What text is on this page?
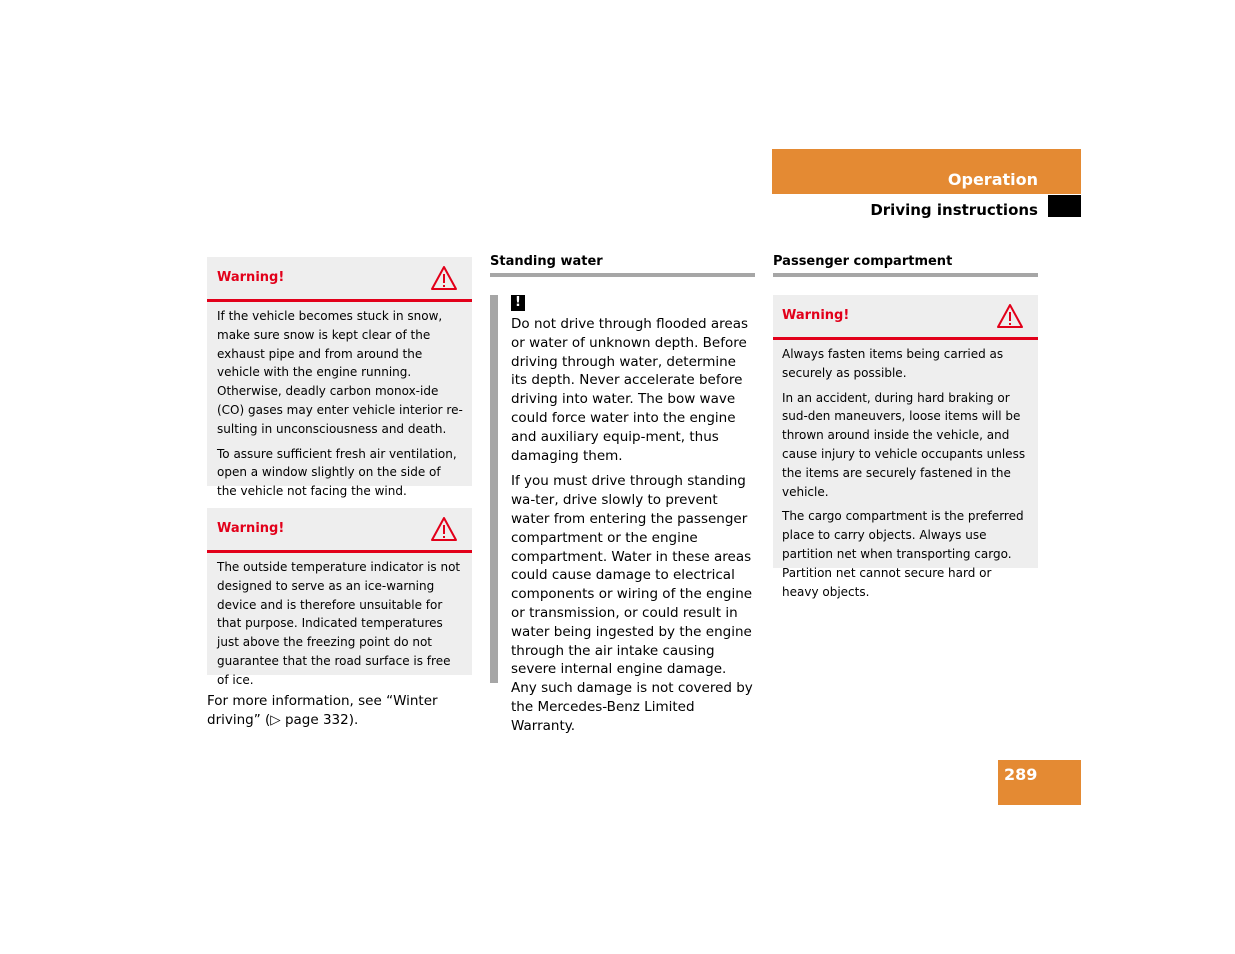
Operation
Driving instructions
Warning!

If the vehicle becomes stuck in snow, make sure snow is kept clear of the exhaust pipe and from around the vehicle with the engine running. Otherwise, deadly carbon monox-ide (CO) gases may enter vehicle interior re-sulting in unconsciousness and death.

To assure sufficient fresh air ventilation, open a window slightly on the side of the vehicle not facing the wind.

Warning!

The outside temperature indicator is not designed to serve as an ice-warning device and is therefore unsuitable for that purpose. Indicated temperatures just above the freezing point do not guarantee that the road surface is free of ice.

For more information, see “Winter driving” (▷ page 332).

Standing water
!

Do not drive through flooded areas or water of unknown depth. Before driving through water, determine its depth. Never accelerate before driving into water. The bow wave could force water into the engine and auxiliary equip-ment, thus damaging them.

If you must drive through standing wa-ter, drive slowly to prevent water from entering the passenger compartment or the engine compartment. Water in these areas could cause damage to electrical components or wiring of the engine or transmission, or could result in water being ingested by the engine through the air intake causing severe internal engine damage. Any such damage is not covered by the Mercedes-Benz Limited Warranty.

Passenger compartment
Warning!

Always fasten items being carried as securely as possible.

In an accident, during hard braking or sud-den maneuvers, loose items will be thrown around inside the vehicle, and cause injury to vehicle occupants unless the items are securely fastened in the vehicle.

The cargo compartment is the preferred place to carry objects. Always use partition net when transporting cargo. Partition net cannot secure hard or heavy objects.

289
